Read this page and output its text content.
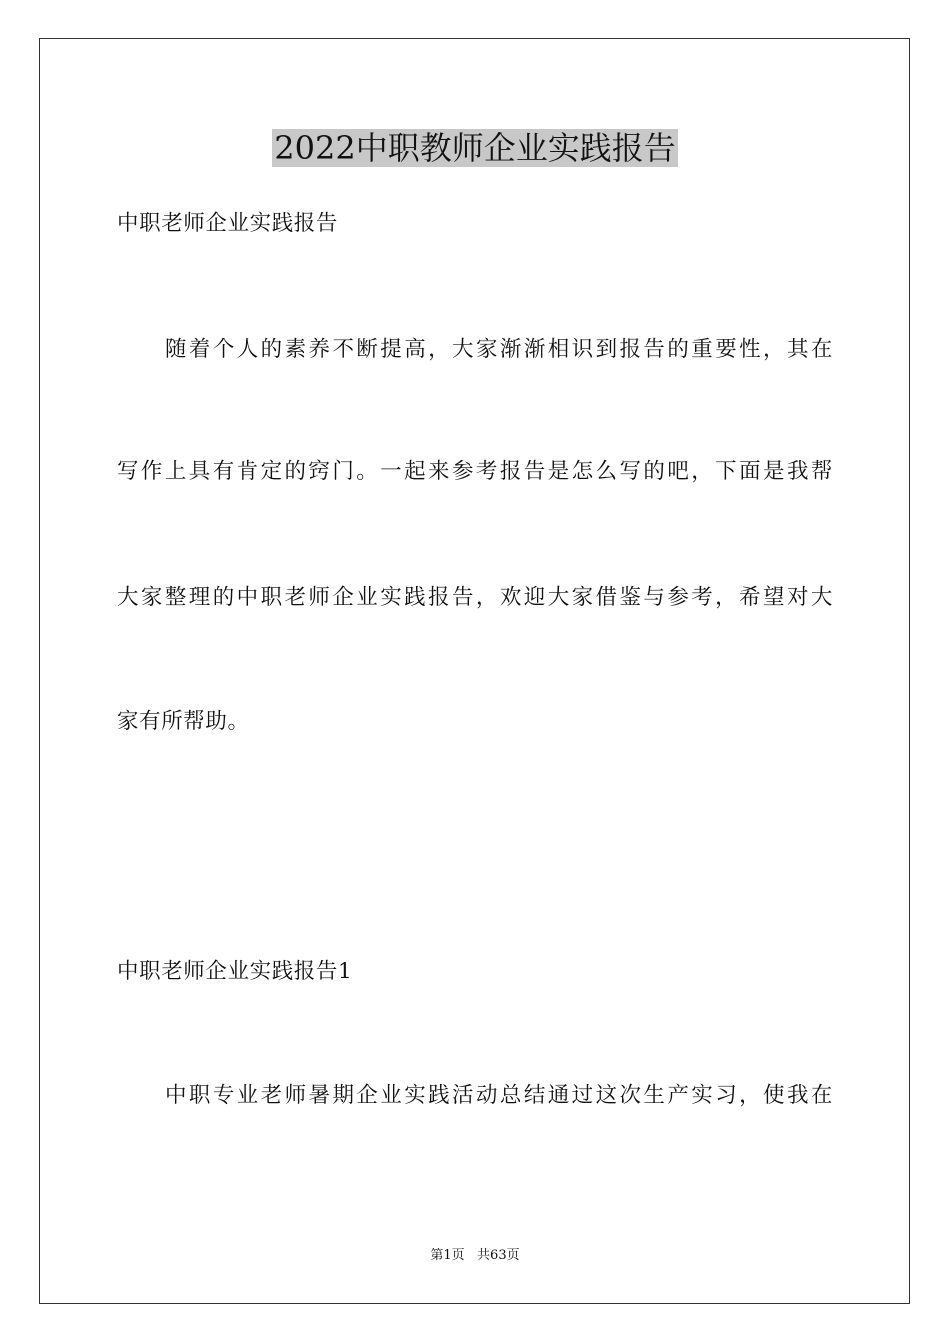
2022中职教师企业实践报告

中职老师企业实践报告

随着个人的素养不断提高，大家渐渐相识到报告的重要性，其在

写作上具有肯定的窍门。一起来参考报告是怎么写的吧，下面是我帮

大家整理的中职老师企业实践报告，欢迎大家借鉴与参考，希望对大

家有所帮助。

中职老师企业实践报告1

中职专业老师暑期企业实践活动总结通过这次生产实习，使我在

第1页   共63页
